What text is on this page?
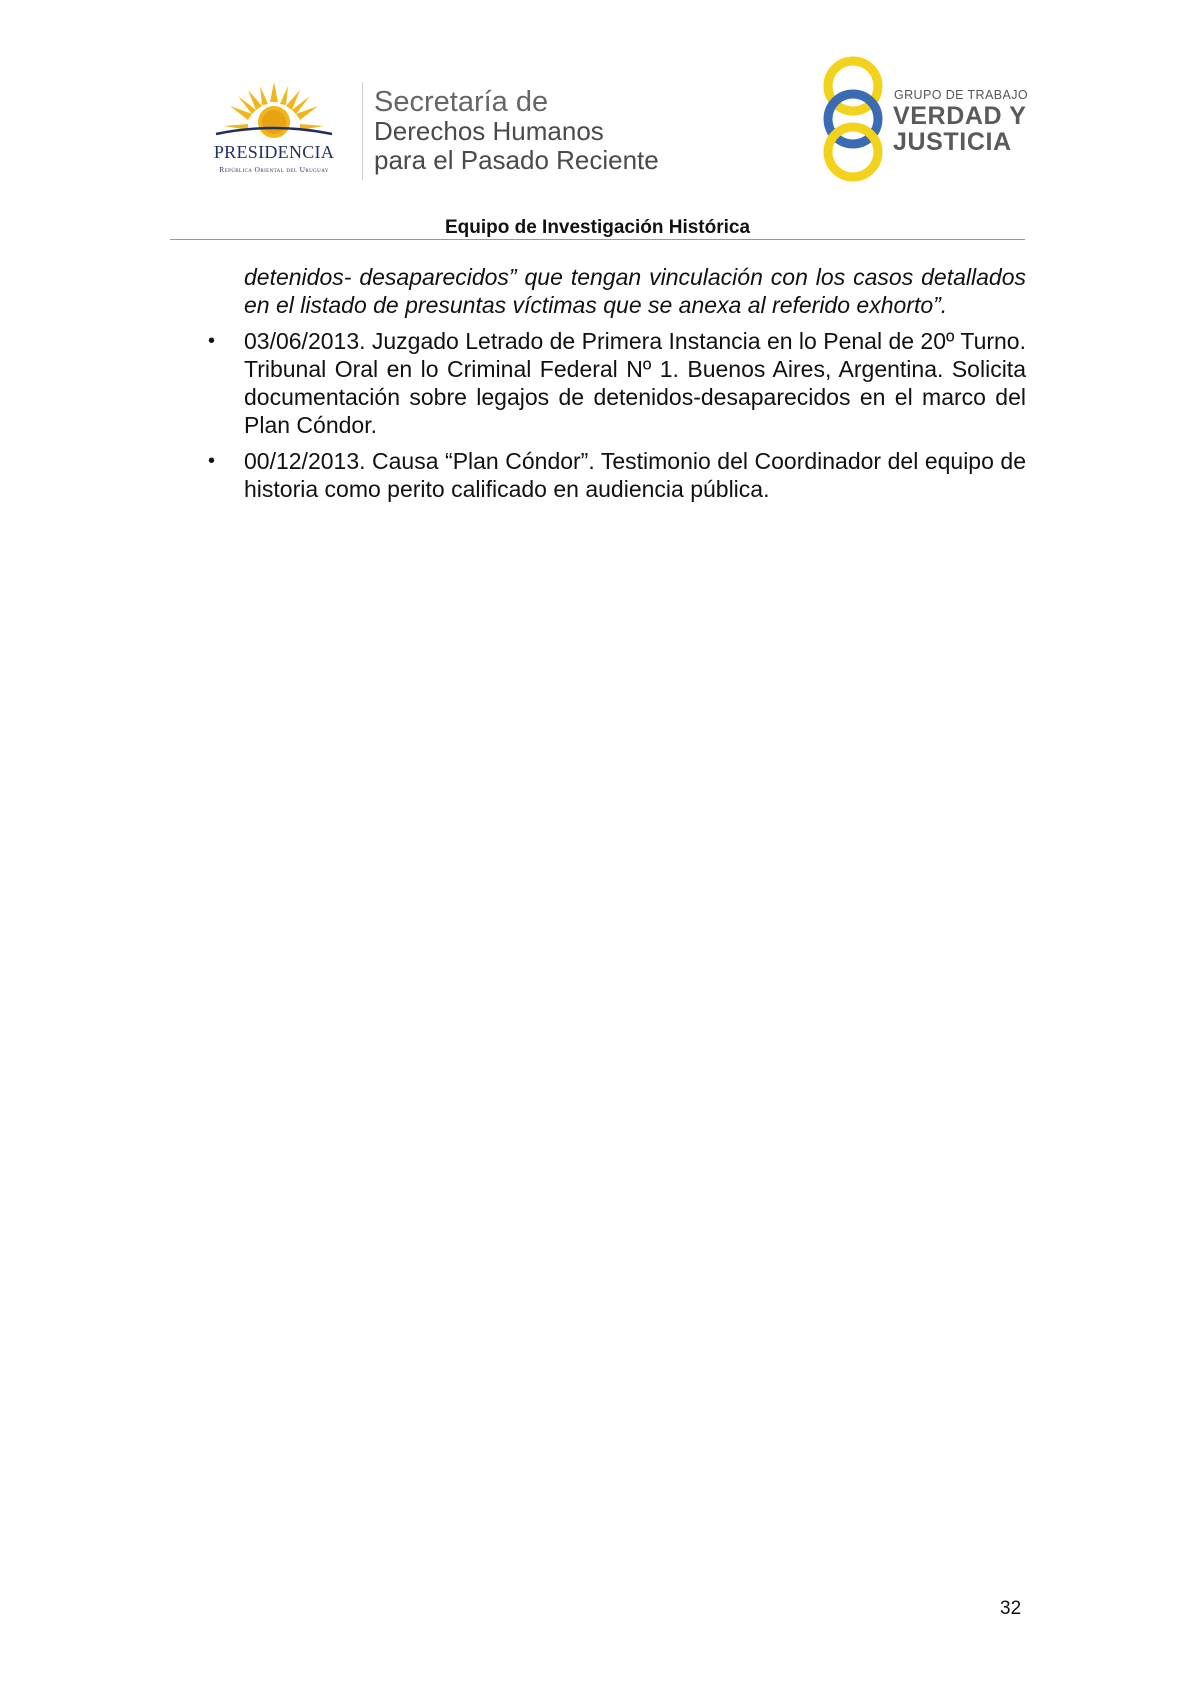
PRESIDENCIA
República Oriental del Uruguay
Secretaría de
Derechos Humanos
para el Pasado Reciente
GRUPO DE TRABAJO
VERDAD Y
JUSTICIA
Equipo de Investigación Histórica

detenidos- desaparecidos” que tengan vinculación con los casos detallados en el listado de presuntas víctimas que se anexa al referido exhorto”.

• 03/06/2013. Juzgado Letrado de Primera Instancia en lo Penal de 20º Turno. Tribunal Oral en lo Criminal Federal Nº 1. Buenos Aires, Argentina. Solicita documentación sobre legajos de detenidos-desaparecidos en el marco del Plan Cóndor.
• 00/12/2013. Causa “Plan Cóndor”. Testimonio del Coordinador del equipo de historia como perito calificado en audiencia pública.
32
